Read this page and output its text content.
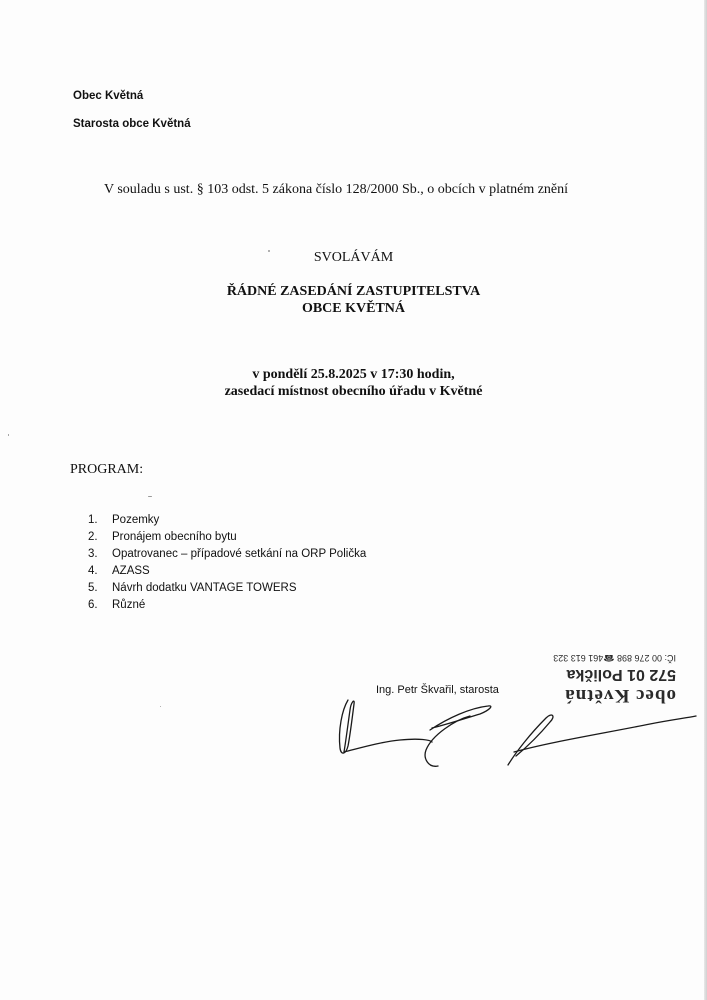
Obec Květná
Starosta obce Květná
V souladu s ust. § 103 odst. 5 zákona číslo 128/2000 Sb., o obcích v platném znění
SVOLÁVÁM
ŘÁDNÉ ZASEDÁNÍ ZASTUPITELSTVA
OBCE KVĚTNÁ
v pondělí 25.8.2025 v 17:30 hodin,
zasedací místnost obecního úřadu v Květné
PROGRAM:
1. Pozemky
2. Pronájem obecního bytu
3. Opatrovanec – případové setkání na ORP Polička
4. AZASS
5. Návrh dodatku VANTAGE TOWERS
6. Různé
Ing. Petr Škvařil, starosta	obec Květná
572 01 Polička
IČ: 00 276 898 ☎461 613 323
